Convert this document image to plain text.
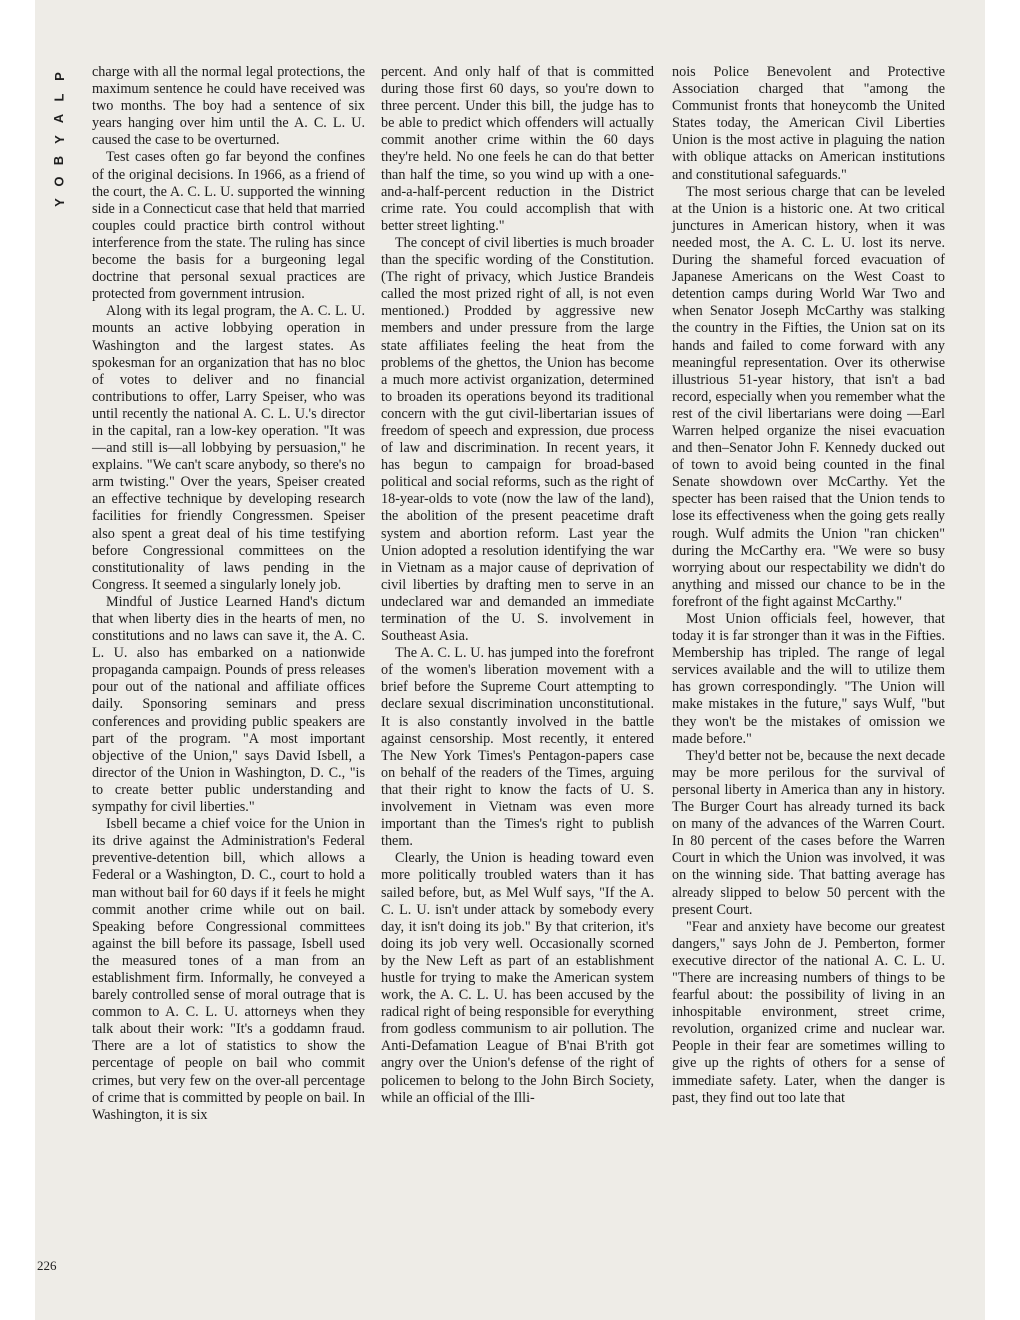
P
L
A
Y
B
O
Y

charge with all the normal legal protections, the maximum sentence he could have received was two months. The boy had a sentence of six years hanging over him until the A. C. L. U. caused the case to be overturned.

Test cases often go far beyond the confines of the original decisions. In 1966, as a friend of the court, the A. C. L. U. supported the winning side in a Connecticut case that held that married couples could practice birth control without interference from the state. The ruling has since become the basis for a burgeoning legal doctrine that personal sexual practices are protected from government intrusion.

Along with its legal program, the A. C. L. U. mounts an active lobbying operation in Washington and the largest states. As spokesman for an organization that has no bloc of votes to deliver and no financial contributions to offer, Larry Speiser, who was until recently the national A. C. L. U.'s director in the capital, ran a low-key operation. "It was—and still is—all lobbying by persuasion," he explains. "We can't scare anybody, so there's no arm twisting." Over the years, Speiser created an effective technique by developing research facilities for friendly Congressmen. Speiser also spent a great deal of his time testifying before Congressional committees on the constitutionality of laws pending in the Congress. It seemed a singularly lonely job.

Mindful of Justice Learned Hand's dictum that when liberty dies in the hearts of men, no constitutions and no laws can save it, the A. C. L. U. also has embarked on a nationwide propaganda campaign. Pounds of press releases pour out of the national and affiliate offices daily. Sponsoring seminars and press conferences and providing public speakers are part of the program. "A most important objective of the Union," says David Isbell, a director of the Union in Washington, D. C., "is to create better public understanding and sympathy for civil liberties."

Isbell became a chief voice for the Union in its drive against the Administration's Federal preventive-detention bill, which allows a Federal or a Washington, D. C., court to hold a man without bail for 60 days if it feels he might commit another crime while out on bail. Speaking before Congressional committees against the bill before its passage, Isbell used the measured tones of a man from an establishment firm. Informally, he conveyed a barely controlled sense of moral outrage that is common to A. C. L. U. attorneys when they talk about their work: "It's a goddamn fraud. There are a lot of statistics to show the percentage of people on bail who commit crimes, but very few on the over-all percentage of crime that is committed by people on bail. In Washington, it is six

percent. And only half of that is committed during those first 60 days, so you're down to three percent. Under this bill, the judge has to be able to predict which offenders will actually commit another crime within the 60 days they're held. No one feels he can do that better than half the time, so you wind up with a one-and-a-half-percent reduction in the District crime rate. You could accomplish that with better street lighting."

The concept of civil liberties is much broader than the specific wording of the Constitution. (The right of privacy, which Justice Brandeis called the most prized right of all, is not even mentioned.) Prodded by aggressive new members and under pressure from the large state affiliates feeling the heat from the problems of the ghettos, the Union has become a much more activist organization, determined to broaden its operations beyond its traditional concern with the gut civil-libertarian issues of freedom of speech and expression, due process of law and discrimination. In recent years, it has begun to campaign for broad-based political and social reforms, such as the right of 18-year-olds to vote (now the law of the land), the abolition of the present peacetime draft system and abortion reform. Last year the Union adopted a resolution identifying the war in Vietnam as a major cause of deprivation of civil liberties by drafting men to serve in an undeclared war and demanded an immediate termination of the U. S. involvement in Southeast Asia.

The A. C. L. U. has jumped into the forefront of the women's liberation movement with a brief before the Supreme Court attempting to declare sexual discrimination unconstitutional. It is also constantly involved in the battle against censorship. Most recently, it entered The New York Times's Pentagon-papers case on behalf of the readers of the Times, arguing that their right to know the facts of U. S. involvement in Vietnam was even more important than the Times's right to publish them.

Clearly, the Union is heading toward even more politically troubled waters than it has sailed before, but, as Mel Wulf says, "If the A. C. L. U. isn't under attack by somebody every day, it isn't doing its job." By that criterion, it's doing its job very well. Occasionally scorned by the New Left as part of an establishment hustle for trying to make the American system work, the A. C. L. U. has been accused by the radical right of being responsible for everything from godless communism to air pollution. The Anti-Defamation League of B'nai B'rith got angry over the Union's defense of the right of policemen to belong to the John Birch Society, while an official of the Illi-

nois Police Benevolent and Protective Association charged that "among the Communist fronts that honeycomb the United States today, the American Civil Liberties Union is the most active in plaguing the nation with oblique attacks on American institutions and constitutional safeguards."

The most serious charge that can be leveled at the Union is a historic one. At two critical junctures in American history, when it was needed most, the A. C. L. U. lost its nerve. During the shameful forced evacuation of Japanese Americans on the West Coast to detention camps during World War Two and when Senator Joseph McCarthy was stalking the country in the Fifties, the Union sat on its hands and failed to come forward with any meaningful representation. Over its otherwise illustrious 51-year history, that isn't a bad record, especially when you remember what the rest of the civil libertarians were doing —Earl Warren helped organize the nisei evacuation and then–Senator John F. Kennedy ducked out of town to avoid being counted in the final Senate showdown over McCarthy. Yet the specter has been raised that the Union tends to lose its effectiveness when the going gets really rough. Wulf admits the Union "ran chicken" during the McCarthy era. "We were so busy worrying about our respectability we didn't do anything and missed our chance to be in the forefront of the fight against McCarthy."

Most Union officials feel, however, that today it is far stronger than it was in the Fifties. Membership has tripled. The range of legal services available and the will to utilize them has grown correspondingly. "The Union will make mistakes in the future," says Wulf, "but they won't be the mistakes of omission we made before."

They'd better not be, because the next decade may be more perilous for the survival of personal liberty in America than any in history. The Burger Court has already turned its back on many of the advances of the Warren Court. In 80 percent of the cases before the Warren Court in which the Union was involved, it was on the winning side. That batting average has already slipped to below 50 percent with the present Court.

"Fear and anxiety have become our greatest dangers," says John de J. Pemberton, former executive director of the national A. C. L. U. "There are increasing numbers of things to be fearful about: the possibility of living in an inhospitable environment, street crime, revolution, organized crime and nuclear war. People in their fear are sometimes willing to give up the rights of others for a sense of immediate safety. Later, when the danger is past, they find out too late that

226
